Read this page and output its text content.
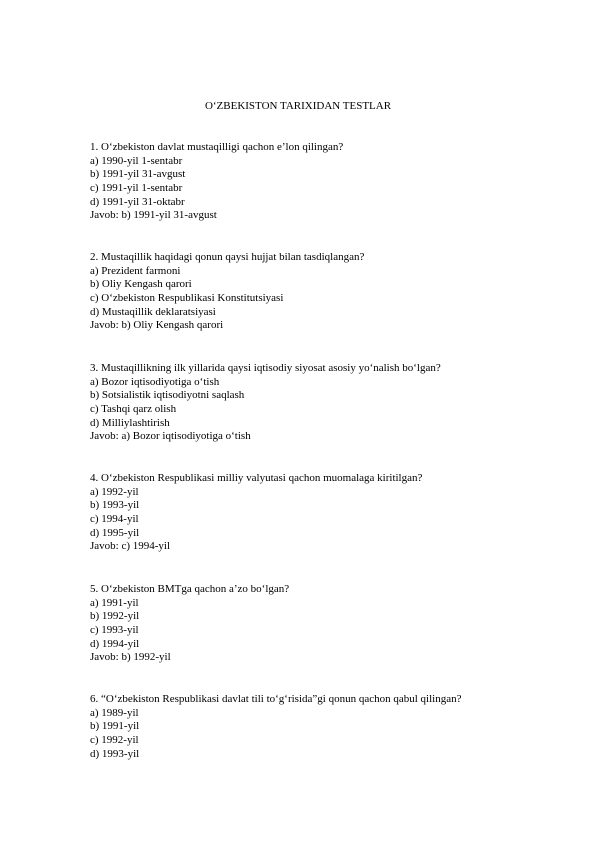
O‘ZBEKISTON TARIXIDAN TESTLAR
1. O‘zbekiston davlat mustaqilligi qachon e’lon qilingan?
a) 1990-yil 1-sentabr
b) 1991-yil 31-avgust
c) 1991-yil 1-sentabr
d) 1991-yil 31-oktabr
Javob: b) 1991-yil 31-avgust
2. Mustaqillik haqidagi qonun qaysi hujjat bilan tasdiqlangan?
a) Prezident farmoni
b) Oliy Kengash qarori
c) O‘zbekiston Respublikasi Konstitutsiyasi
d) Mustaqillik deklaratsiyasi
Javob: b) Oliy Kengash qarori
3. Mustaqillikning ilk yillarida qaysi iqtisodiy siyosat asosiy yo‘nalish bo‘lgan?
a) Bozor iqtisodiyotiga o‘tish
b) Sotsialistik iqtisodiyotni saqlash
c) Tashqi qarz olish
d) Milliylashtirish
Javob: a) Bozor iqtisodiyotiga o‘tish
4. O‘zbekiston Respublikasi milliy valyutasi qachon muomalaga kiritilgan?
a) 1992-yil
b) 1993-yil
c) 1994-yil
d) 1995-yil
Javob: c) 1994-yil
5. O‘zbekiston BMTga qachon a’zo bo‘lgan?
a) 1991-yil
b) 1992-yil
c) 1993-yil
d) 1994-yil
Javob: b) 1992-yil
6. “O‘zbekiston Respublikasi davlat tili to‘g‘risida”gi qonun qachon qabul qilingan?
a) 1989-yil
b) 1991-yil
c) 1992-yil
d) 1993-yil
